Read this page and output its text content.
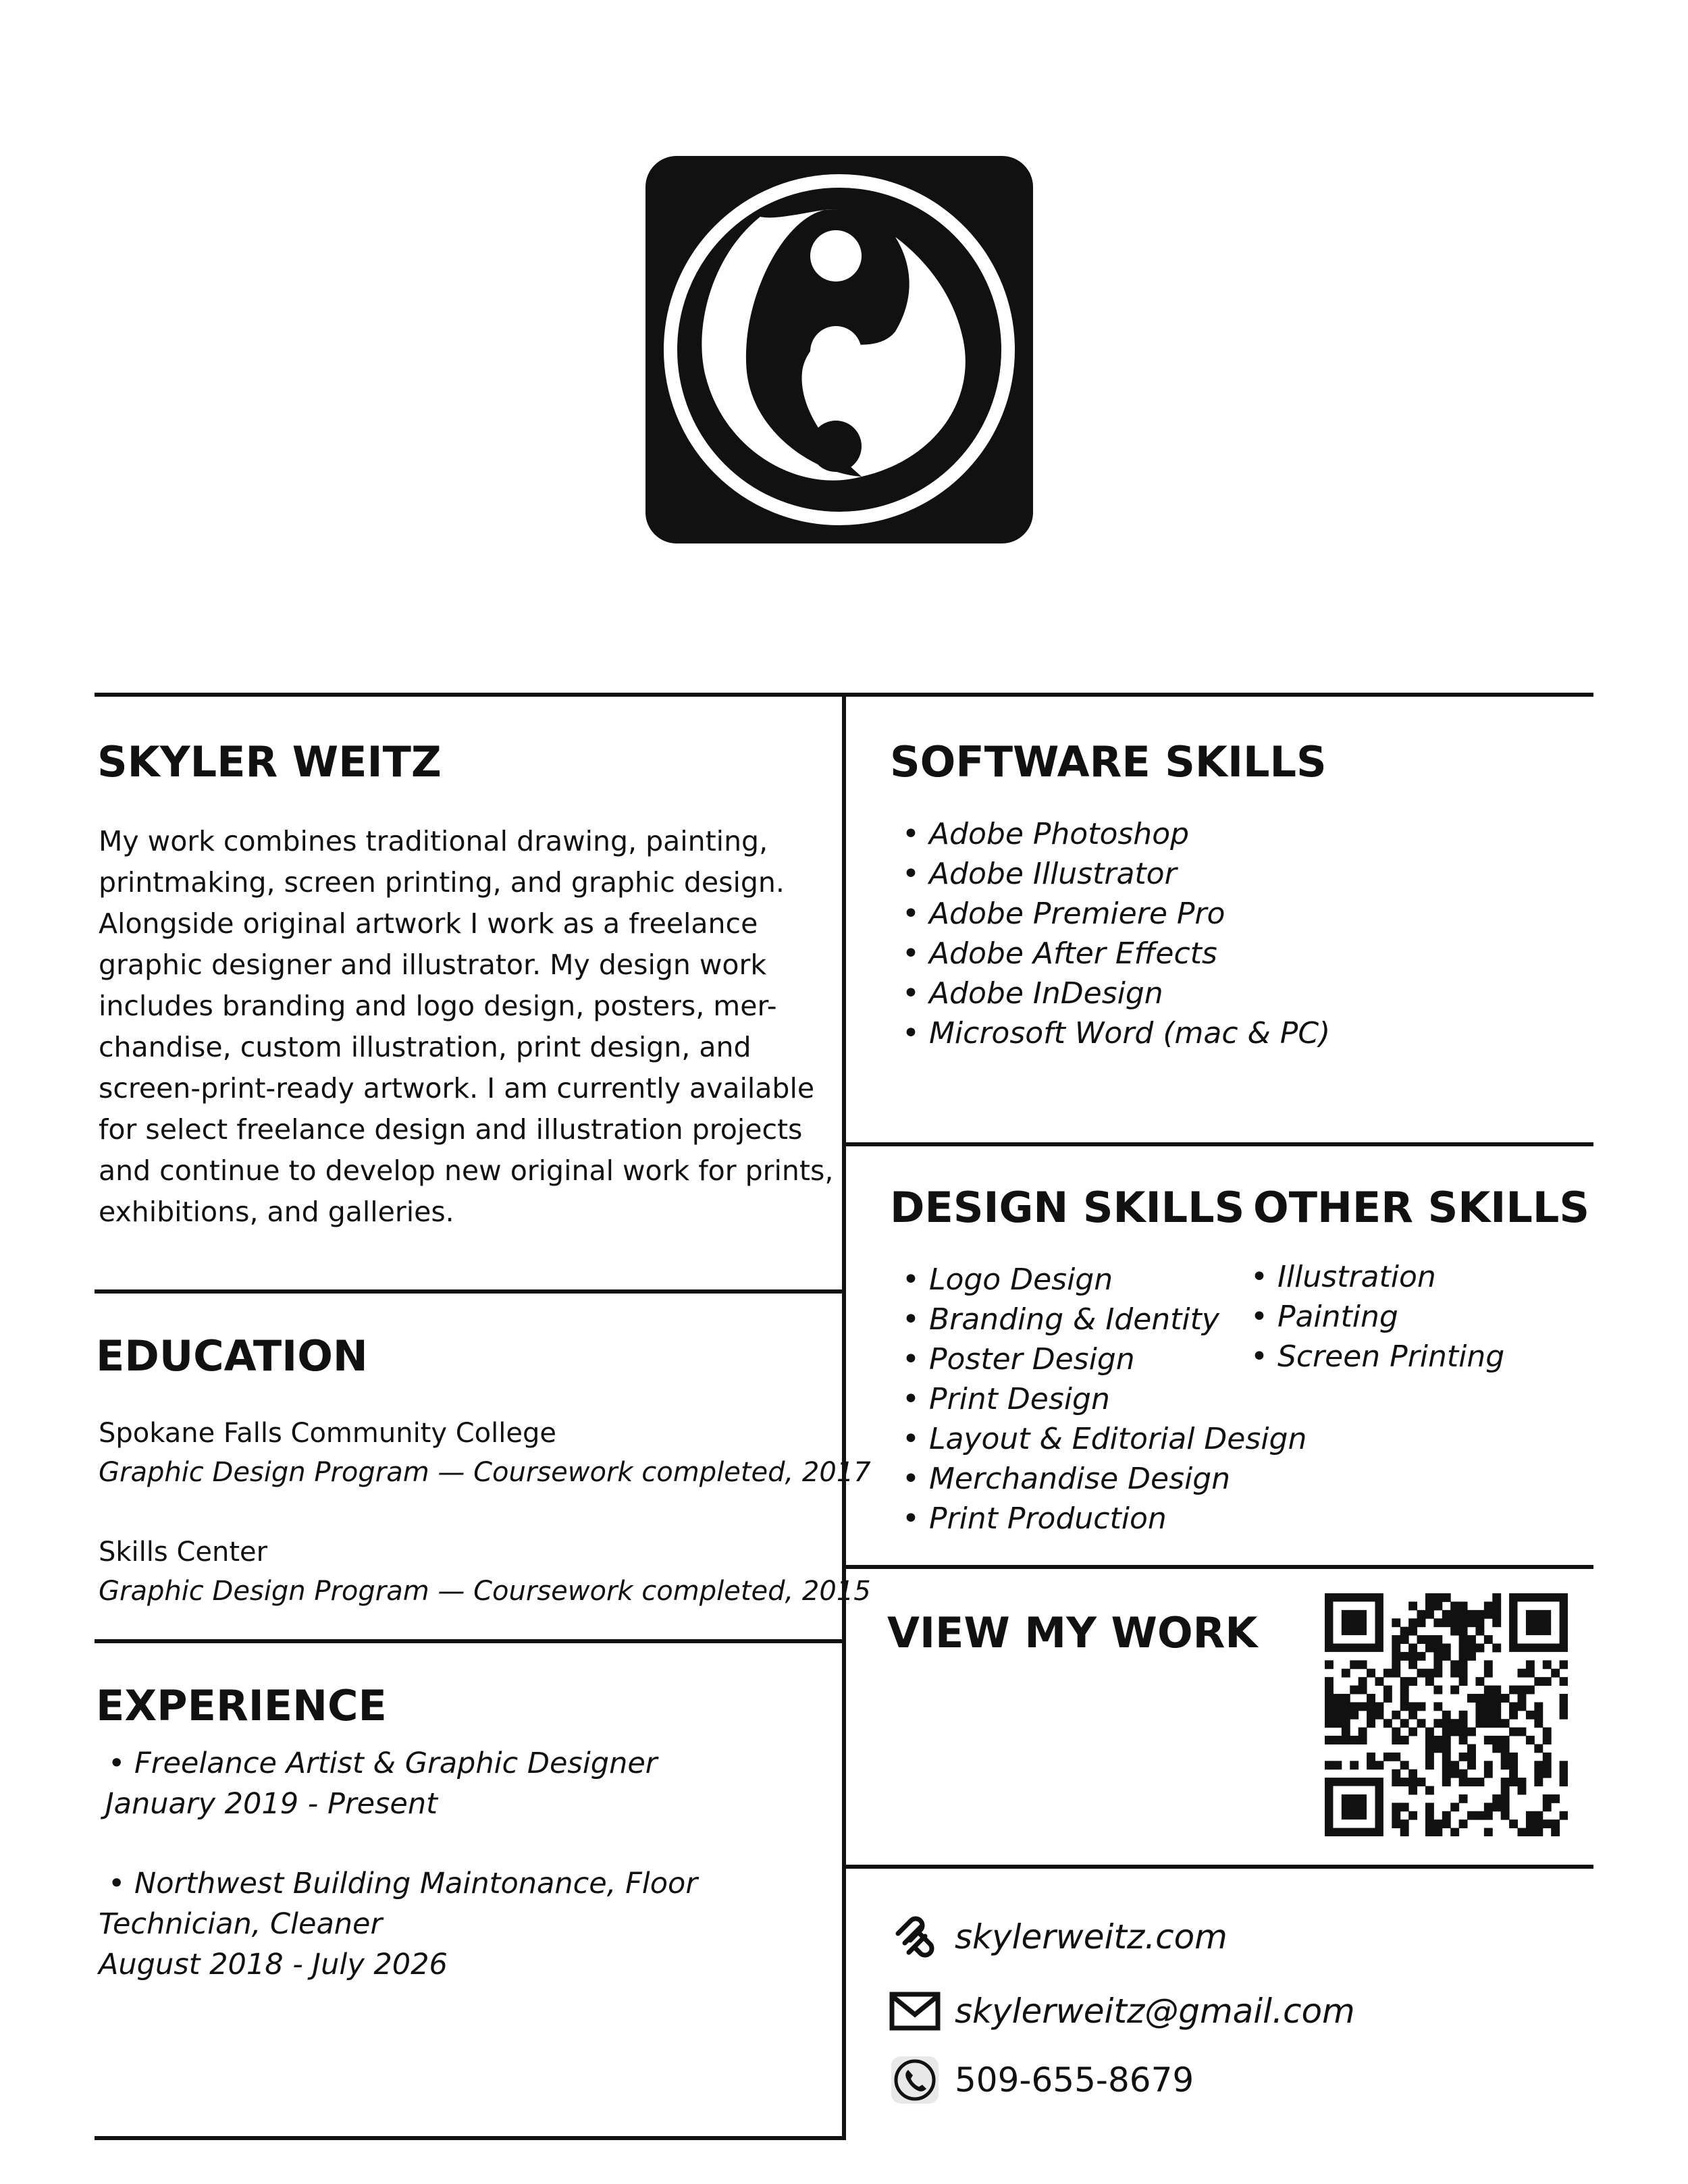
SKYLER WEITZ

My work combines traditional drawing, painting, printmaking, screen printing, and graphic design. Alongside original artwork I work as a freelance graphic designer and illustrator. My design work includes branding and logo design, posters, mer-chandise, custom illustration, print design, and screen-print-ready artwork. I am currently available for select freelance design and illustration projects and continue to develop new original work for prints, exhibitions, and galleries.

EDUCATION
Spokane Falls Community College
Graphic Design Program — Coursework completed, 2017
Skills Center
Graphic Design Program — Coursework completed, 2015
EXPERIENCE
• Freelance Artist & Graphic Designer
January 2019 - Present
• Northwest Building Maintonance, Floor
Technician, Cleaner
August 2018 - July 2026
SOFTWARE SKILLS
• Adobe Photoshop
• Adobe Illustrator
• Adobe Premiere Pro
• Adobe After Effects
• Adobe InDesign
• Microsoft Word (mac & PC)
DESIGN SKILLS
• Logo Design
• Branding & Identity
• Poster Design
• Print Design
• Layout & Editorial Design
• Merchandise Design
• Print Production
OTHER SKILLS
• Illustration
• Painting
• Screen Printing
VIEW MY WORK
skylerweitz.com
skylerweitz@gmail.com
509-655-8679
